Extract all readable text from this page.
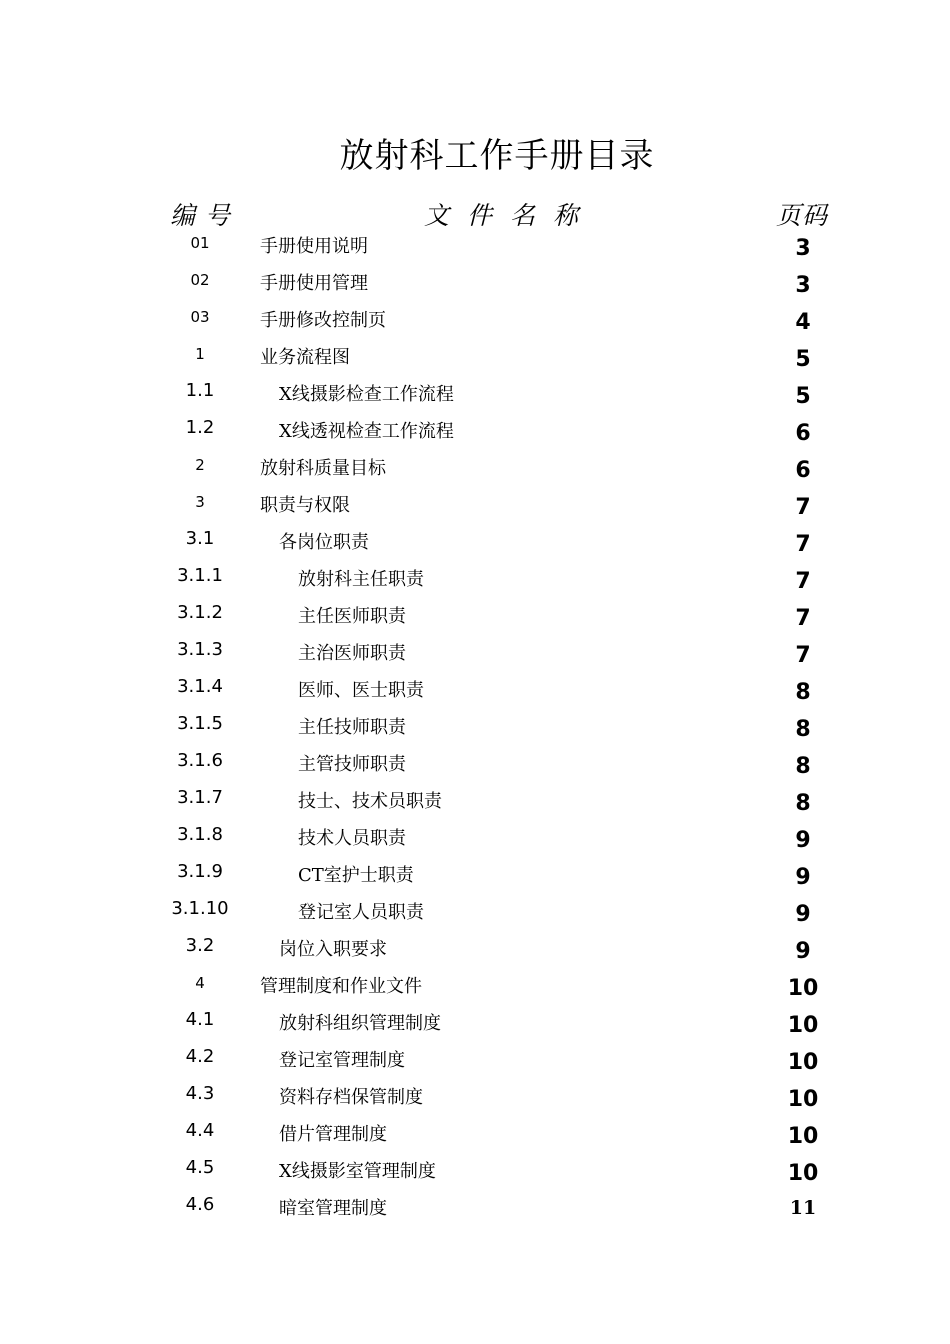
放射科工作手册目录
编号	文件名称	页码
01	手册使用说明	3
02	手册使用管理	3
03	手册修改控制页	4
1	业务流程图	5
1.1	X线摄影检查工作流程	5
1.2	X线透视检查工作流程	6
2	放射科质量目标	6
3	职责与权限	7
3.1	各岗位职责	7
3.1.1	放射科主任职责	7
3.1.2	主任医师职责	7
3.1.3	主治医师职责	7
3.1.4	医师、医士职责	8
3.1.5	主任技师职责	8
3.1.6	主管技师职责	8
3.1.7	技士、技术员职责	8
3.1.8	技术人员职责	9
3.1.9	CT室护士职责	9
3.1.10	登记室人员职责	9
3.2	岗位入职要求	9
4	管理制度和作业文件	10
4.1	放射科组织管理制度	10
4.2	登记室管理制度	10
4.3	资料存档保管制度	10
4.4	借片管理制度	10
4.5	X线摄影室管理制度	10
4.6	暗室管理制度	11
